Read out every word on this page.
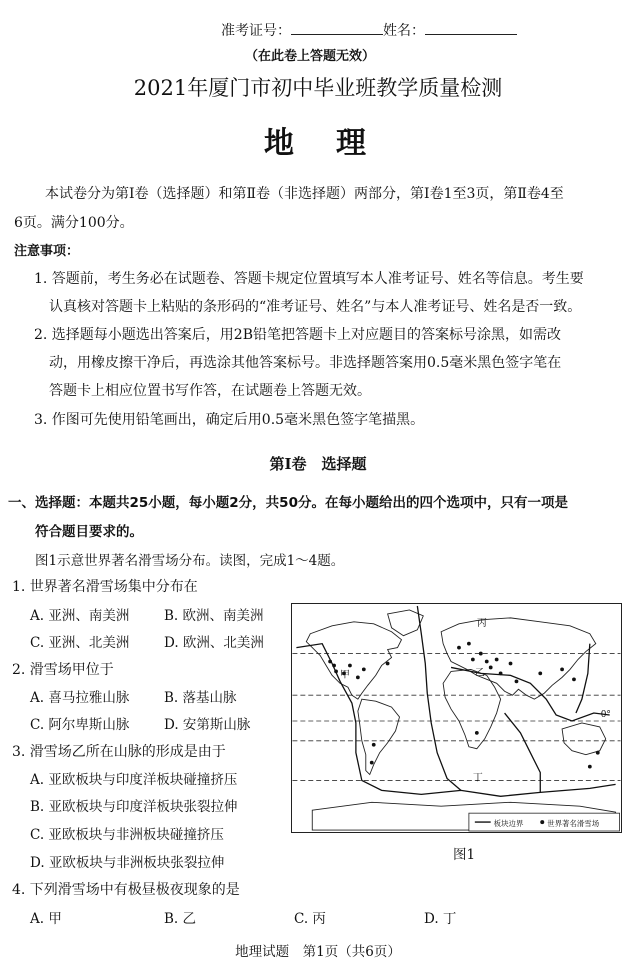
准考证号：	姓名：
（在此卷上答题无效）
2021年厦门市初中毕业班教学质量检测
地　理
本试卷分为第Ⅰ卷（选择题）和第Ⅱ卷（非选择题）两部分，第Ⅰ卷1至3页，第Ⅱ卷4至
6页。满分100分。
注意事项：
1. 答题前，考生务必在试题卷、答题卡规定位置填写本人准考证号、姓名等信息。考生要
认真核对答题卡上粘贴的条形码的“准考证号、姓名”与本人准考证号、姓名是否一致。
2. 选择题每小题选出答案后，用2B铅笔把答题卡上对应题目的答案标号涂黑，如需改
动，用橡皮擦干净后，再选涂其他答案标号。非选择题答案用0.5毫米黑色签字笔在
答题卡上相应位置书写作答，在试题卷上答题无效。
3. 作图可先使用铅笔画出，确定后用0.5毫米黑色签字笔描黑。
第Ⅰ卷　选择题
一、选择题：本题共25小题，每小题2分，共50分。在每小题给出的四个选项中，只有一项是
符合题目要求的。
图1示意世界著名滑雪场分布。读图，完成1～4题。
1. 世界著名滑雪场集中分布在
A. 亚洲、南美洲	B. 欧洲、南美洲
C. 亚洲、北美洲	D. 欧洲、北美洲
2. 滑雪场甲位于
A. 喜马拉雅山脉	B. 落基山脉
C. 阿尔卑斯山脉	D. 安第斯山脉
3. 滑雪场乙所在山脉的形成是由于
A. 亚欧板块与印度洋板块碰撞挤压
B. 亚欧板块与印度洋板块张裂拉伸
C. 亚欧板块与非洲板块碰撞挤压
D. 亚欧板块与非洲板块张裂拉伸
4. 下列滑雪场中有极昼极夜现象的是
A. 甲	B. 乙	C. 丙	D. 丁
丙
甲	乙
丁
0°
板块边界	世界著名滑雪场
图1
地理试题　第1页（共6页）
